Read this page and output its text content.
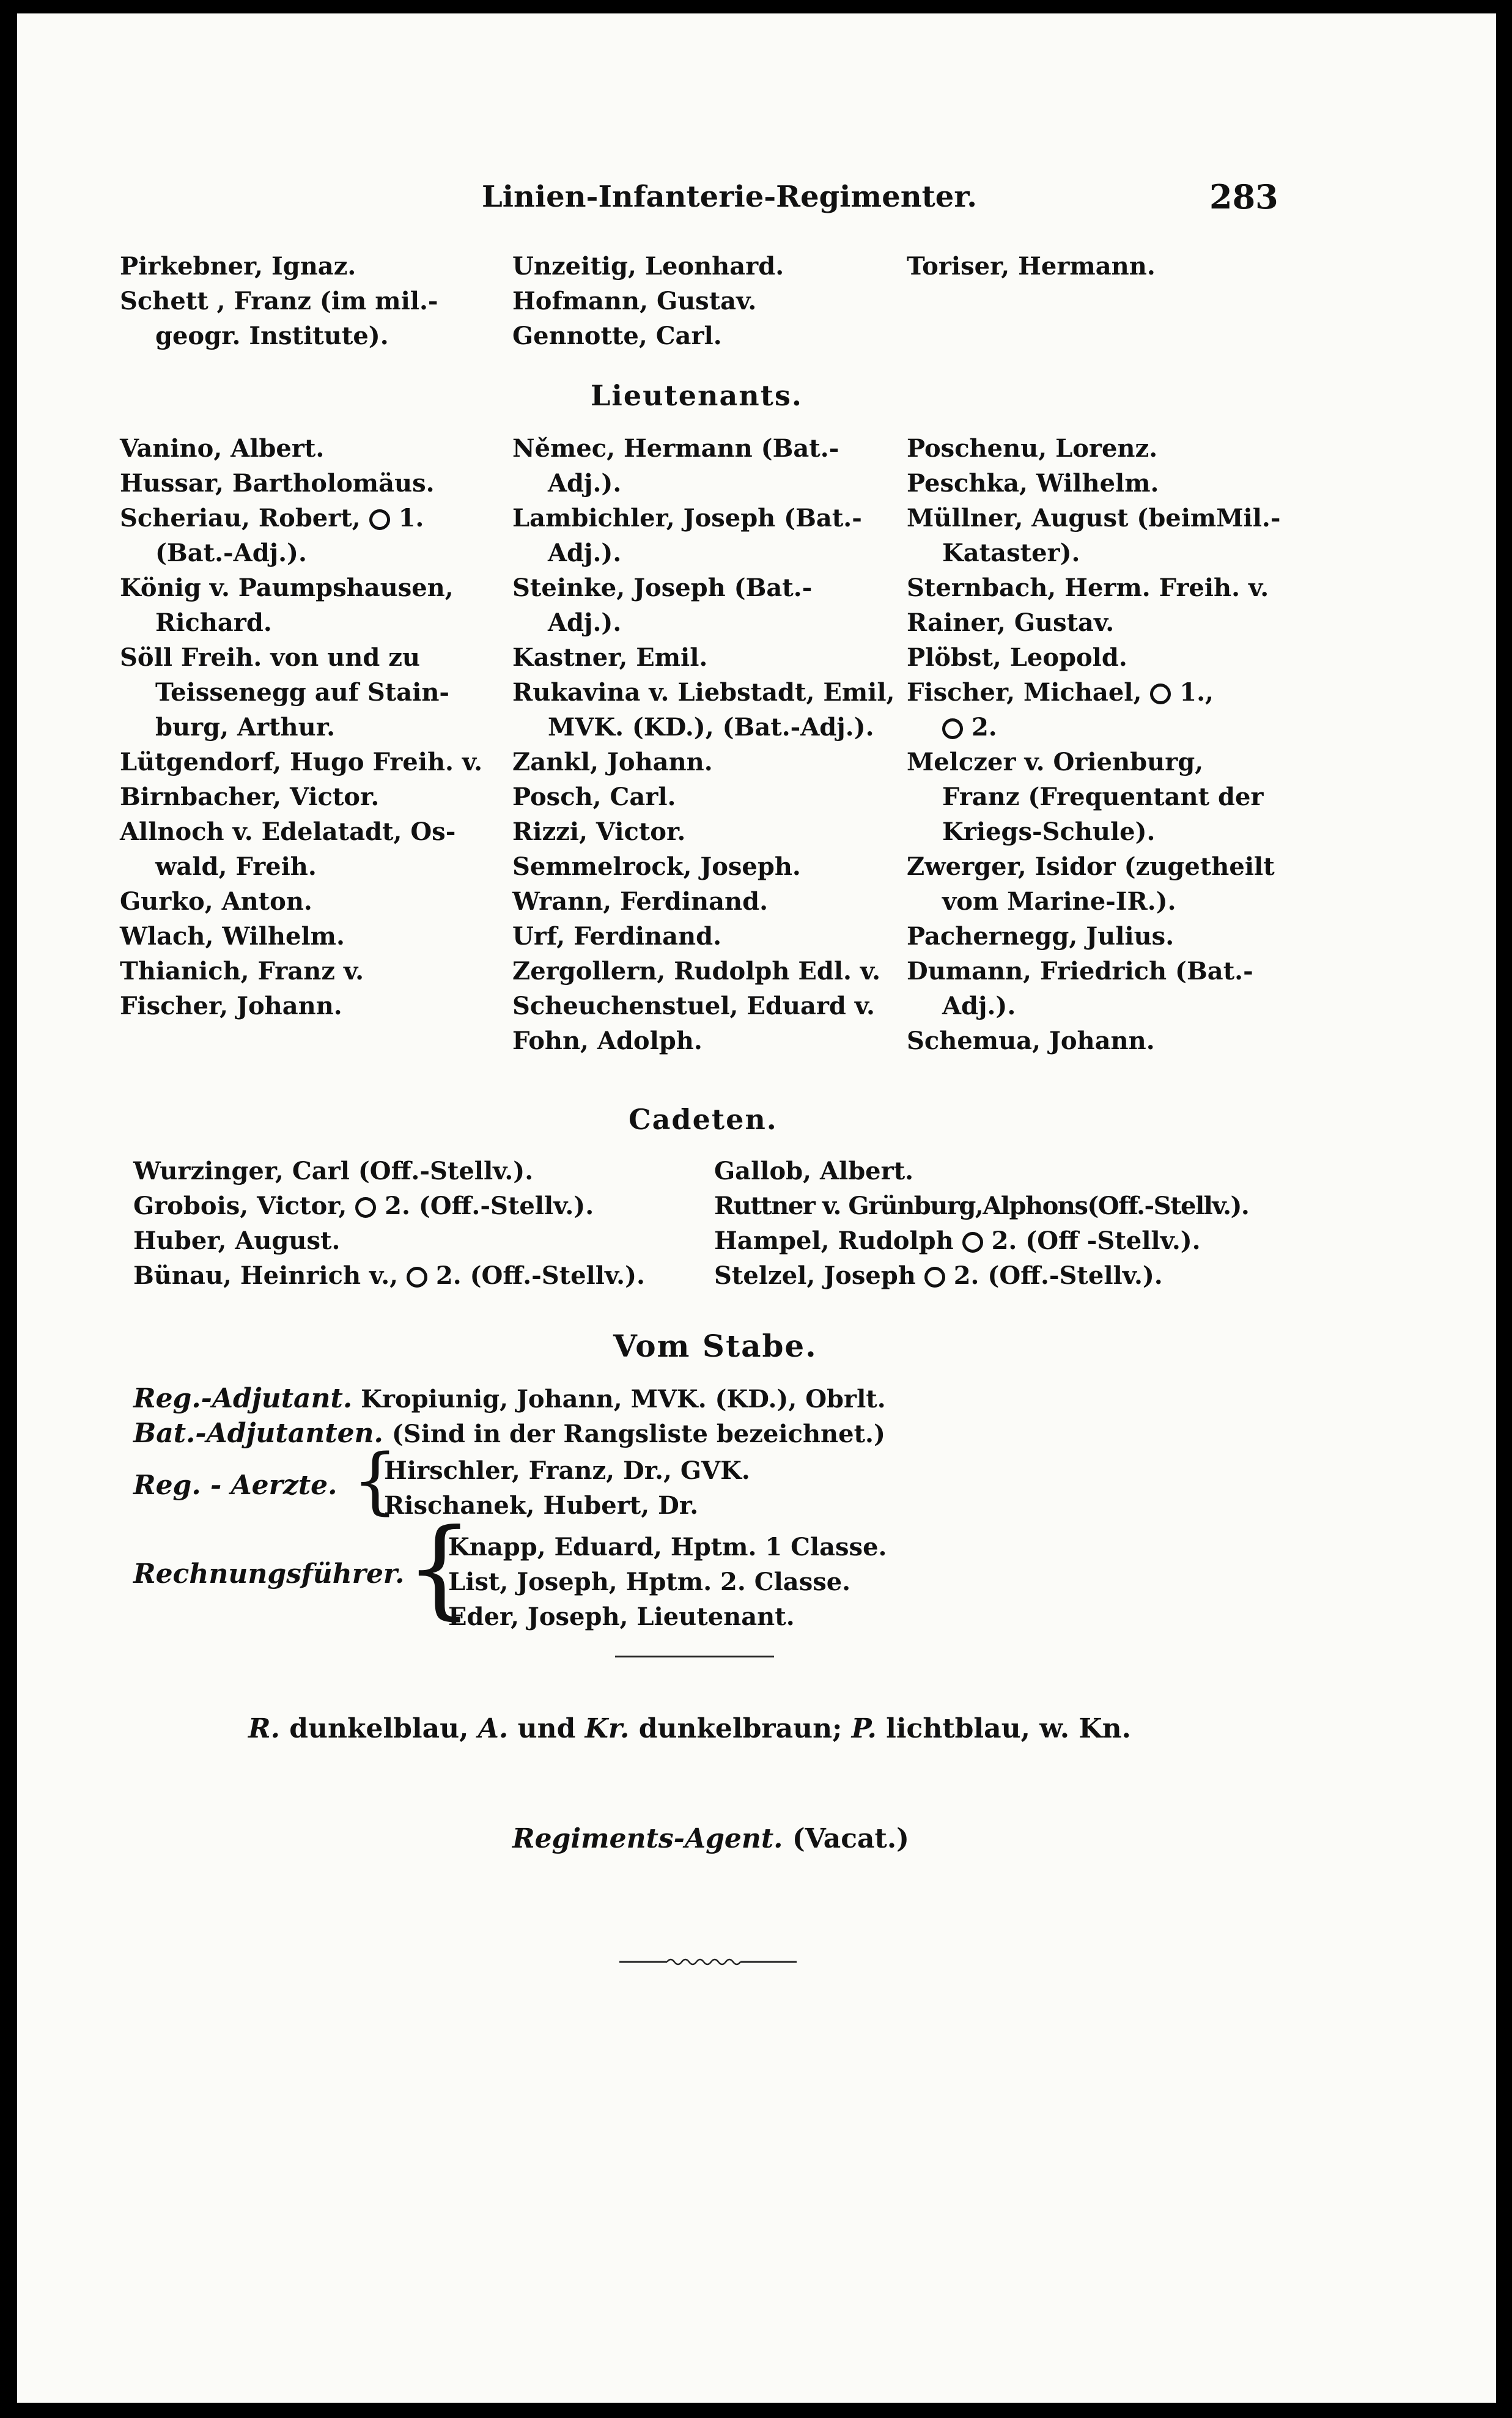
Linien-Infanterie-Regimenter.	283
Pirkebner, Ignaz.
Schett , Franz (im mil.-
geogr. Institute).
Unzeitig, Leonhard.
Hofmann, Gustav.
Gennotte, Carl.
Toriser, Hermann.
Lieutenants.
Vanino, Albert.
Hussar, Bartholomäus.
Scheriau, Robert, 1.
(Bat.-Adj.).
König v. Paumpshausen,
Richard.
Söll Freih. von und zu
Teissenegg auf Stain-
burg, Arthur.
Lütgendorf, Hugo Freih. v.
Birnbacher, Victor.
Allnoch v. Edelatadt, Os-
wald, Freih.
Gurko, Anton.
Wlach, Wilhelm.
Thianich, Franz v.
Fischer, Johann.
Němec, Hermann (Bat.-
Adj.).
Lambichler, Joseph (Bat.-
Adj.).
Steinke, Joseph (Bat.-
Adj.).
Kastner, Emil.
Rukavina v. Liebstadt, Emil,
MVK. (KD.), (Bat.-Adj.).
Zankl, Johann.
Posch, Carl.
Rizzi, Victor.
Semmelrock, Joseph.
Wrann, Ferdinand.
Urf, Ferdinand.
Zergollern, Rudolph Edl. v.
Scheuchenstuel, Eduard v.
Fohn, Adolph.
Poschenu, Lorenz.
Peschka, Wilhelm.
Müllner, August (beimMil.-
Kataster).
Sternbach, Herm. Freih. v.
Rainer, Gustav.
Plöbst, Leopold.
Fischer, Michael, 1.,
2.
Melczer v. Orienburg,
Franz (Frequentant der
Kriegs-Schule).
Zwerger, Isidor (zugetheilt
vom Marine-IR.).
Pachernegg, Julius.
Dumann, Friedrich (Bat.-
Adj.).
Schemua, Johann.
Cadeten.
Wurzinger, Carl (Off.-Stellv.).
Grobois, Victor, 2. (Off.-Stellv.).
Huber, August.
Bünau, Heinrich v., 2. (Off.-Stellv.).
Gallob, Albert.
Ruttner v. Grünburg,Alphons(Off.-Stellv.).
Hampel, Rudolph 2. (Off -Stellv.).
Stelzel, Joseph 2. (Off.-Stellv.).
Vom Stabe.
Reg.-Adjutant. Kropiunig, Johann, MVK. (KD.), Obrlt.
Bat.-Adjutanten. (Sind in der Rangsliste bezeichnet.)
Reg. - Aerzte. {
Hirschler, Franz, Dr., GVK.
Rischanek, Hubert, Dr.
Rechnungsführer. {
Knapp, Eduard, Hptm. 1 Classe.
List, Joseph, Hptm. 2. Classe.
Eder, Joseph, Lieutenant.
R. dunkelblau, A. und Kr. dunkelbraun; P. lichtblau, w. Kn.
Regiments-Agent. (Vacat.)
